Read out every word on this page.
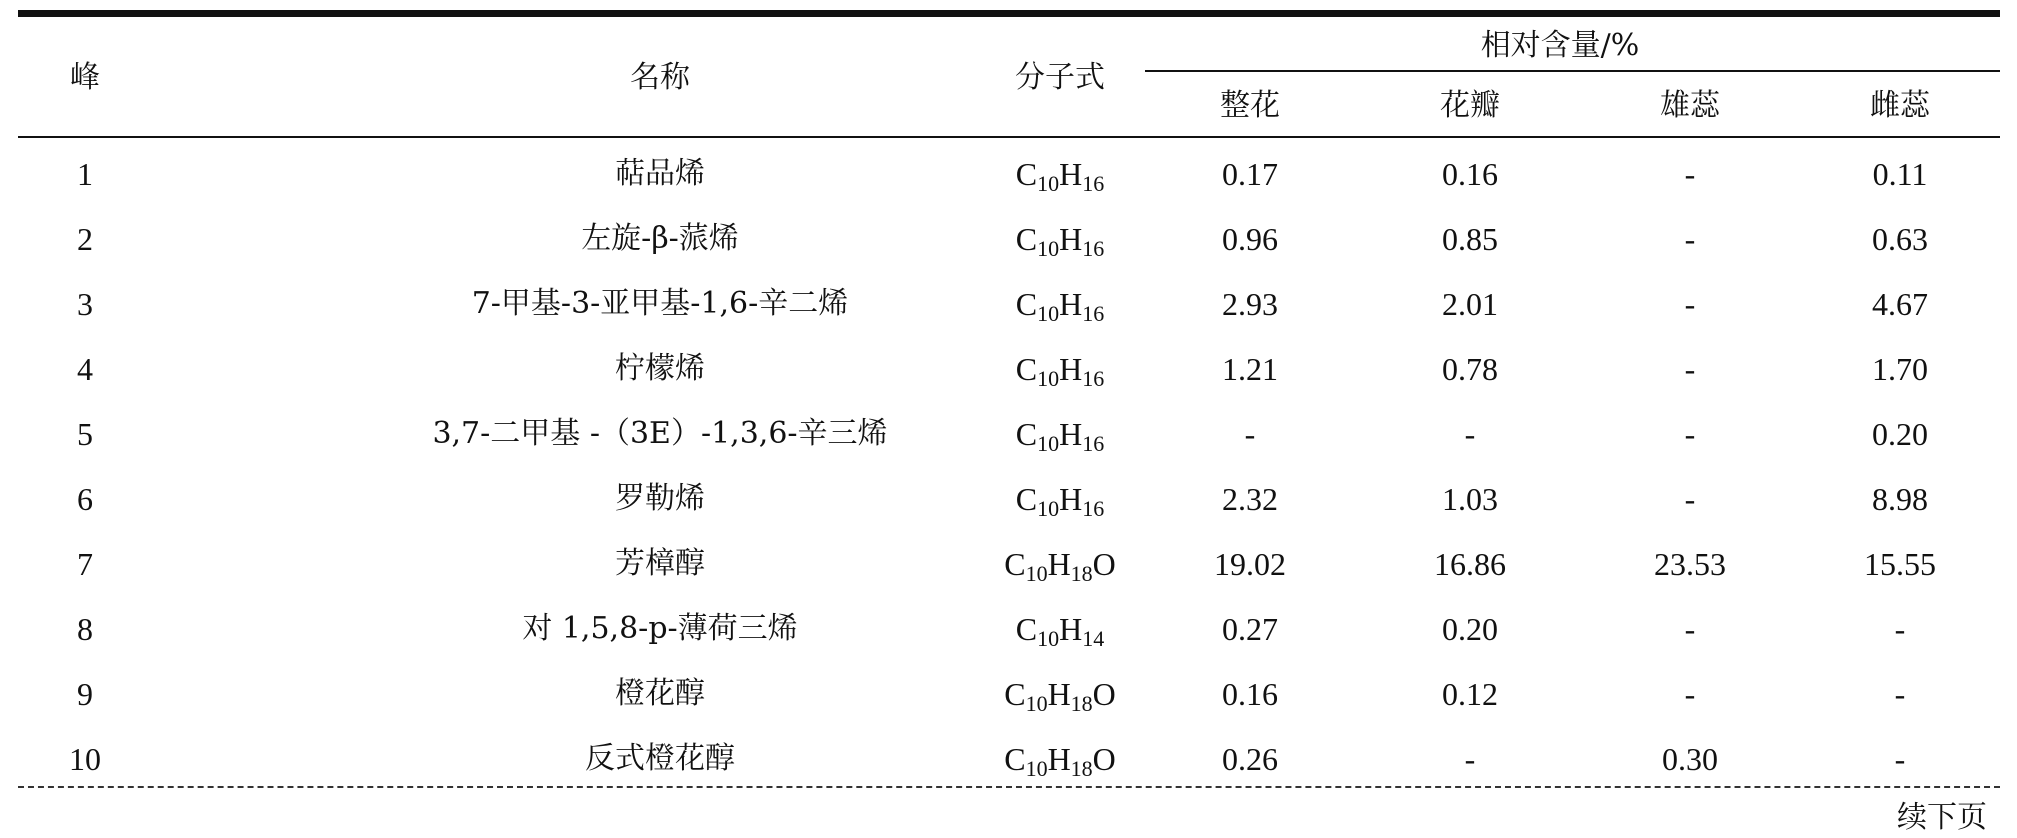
峰	名称	分子式
相对含量/%
整花	花瓣	雄蕊	雌蕊
1	萜品烯	$C_{10}H_{16}$	0.17	0.16	-	0.11
2	左旋-β-蒎烯	$C_{10}H_{16}$	0.96	0.85	-	0.63
3	7-甲基-3-亚甲基-1,6-辛二烯	$C_{10}H_{16}$	2.93	2.01	-	4.67
4	柠檬烯	$C_{10}H_{16}$	1.21	0.78	-	1.70
5	3,7-二甲基 -（3E）-1,3,6-辛三烯	$C_{10}H_{16}$	-	-	-	0.20
6	罗勒烯	$C_{10}H_{16}$	2.32	1.03	-	8.98
7	芳樟醇	$C_{10}H_{18}O$	19.02	16.86	23.53	15.55
8	对 1,5,8-p-薄荷三烯	$C_{10}H_{14}$	0.27	0.20	-	-
9	橙花醇	$C_{10}H_{18}O$	0.16	0.12	-	-
10	反式橙花醇	$C_{10}H_{18}O$	0.26	-	0.30	-
续下页
